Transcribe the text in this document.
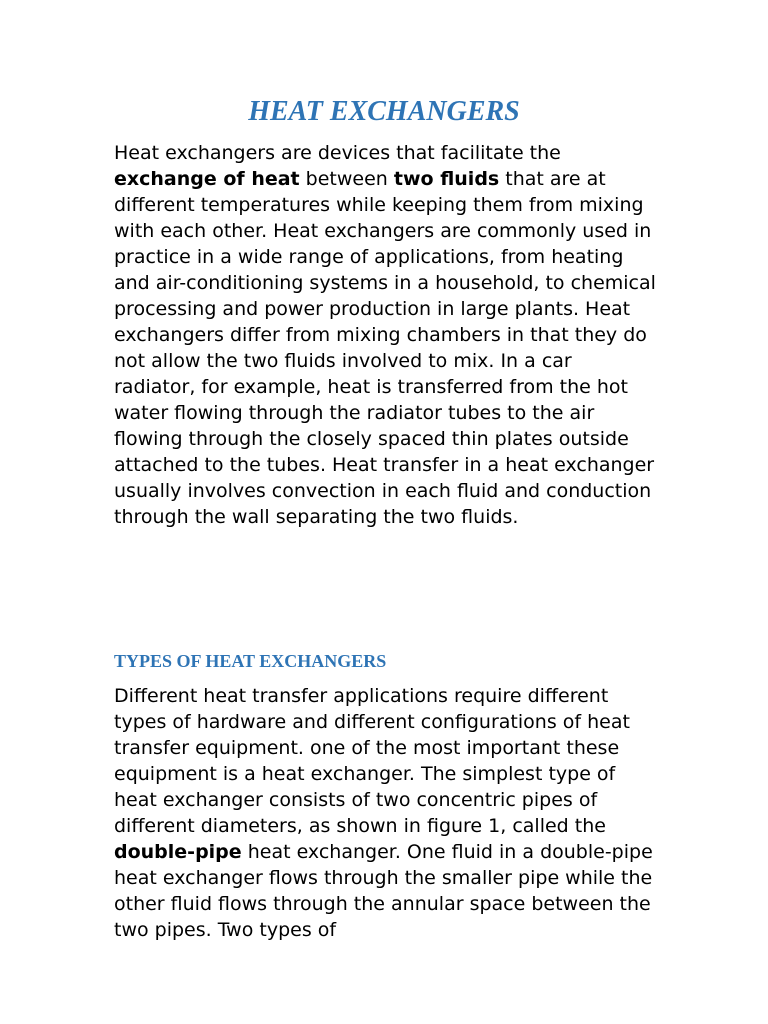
HEAT EXCHANGERS

Heat exchangers are devices that facilitate the exchange of heat between two fluids that are at different temperatures while keeping them from mixing with each other. Heat exchangers are commonly used in practice in a wide range of applications, from heating and air-conditioning systems in a household, to chemical processing and power production in large plants. Heat exchangers differ from mixing chambers in that they do not allow the two fluids involved to mix. In a car radiator, for example, heat is transferred from the hot water flowing through the radiator tubes to the air flowing through the closely spaced thin plates outside attached to the tubes. Heat transfer in a heat exchanger usually involves convection in each fluid and conduction through the wall separating the two fluids.

TYPES OF HEAT EXCHANGERS

Different heat transfer applications require different types of hardware and different configurations of heat transfer equipment. one of the most important these equipment is a heat exchanger. The simplest type of heat exchanger consists of two concentric pipes of different diameters, as shown in figure 1, called the double-pipe heat exchanger. One fluid in a double-pipe heat exchanger flows through the smaller pipe while the other fluid flows through the annular space between the two pipes. Two types of
